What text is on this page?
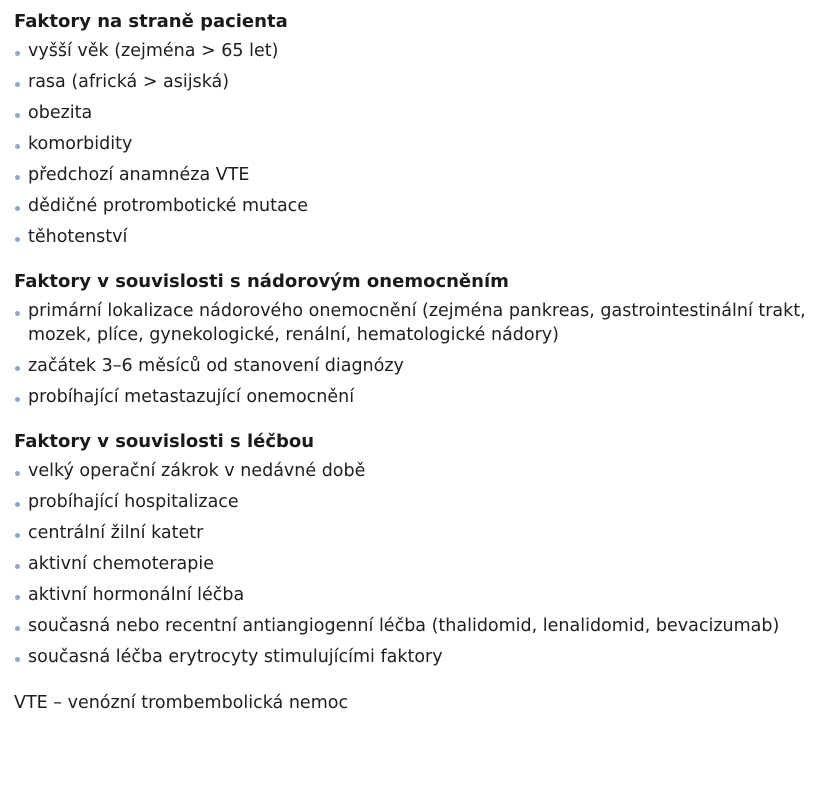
Faktory na straně pacienta
vyšší věk (zejména > 65 let)
rasa (africká > asijská)
obezita
komorbidity
předchozí anamnéza VTE
dědičné protrombotické mutace
těhotenství
Faktory v souvislosti s nádorovým onemocněním
primární lokalizace nádorového onemocnění (zejména pankreas, gastrointestinální trakt, mozek, plíce, gynekologické, renální, hematologické nádory)
začátek 3–6 měsíců od stanovení diagnózy
probíhající metastazující onemocnění
Faktory v souvislosti s léčbou
velký operační zákrok v nedávné době
probíhající hospitalizace
centrální žilní katetr
aktivní chemoterapie
aktivní hormonální léčba
současná nebo recentní antiangiogenní léčba (thalidomid, lenalidomid, bevacizumab)
současná léčba erytrocyty stimulujícími faktory
VTE – venózní trombembolická nemoc
